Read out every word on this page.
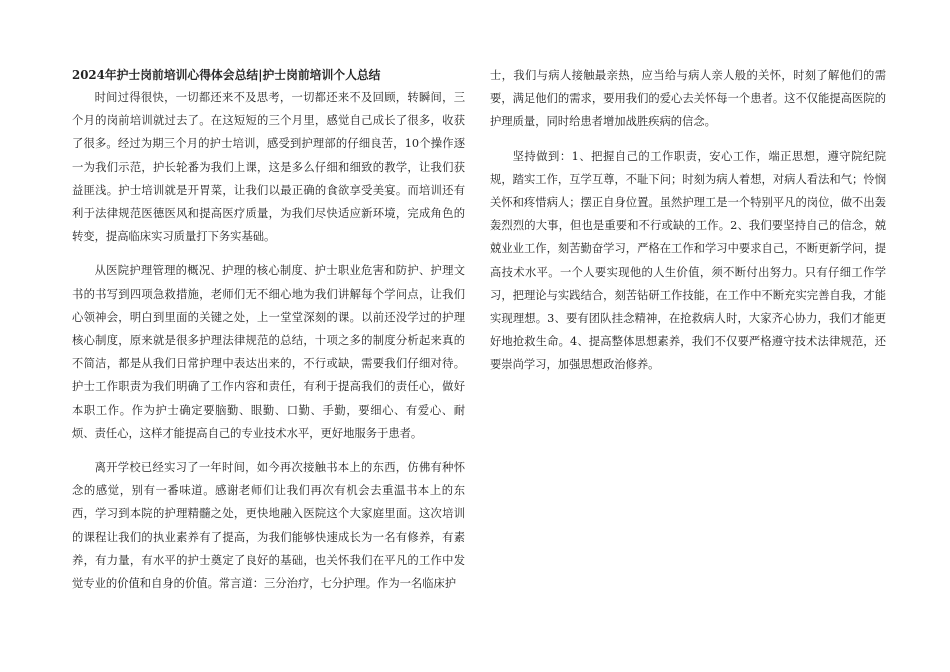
2024年护士岗前培训心得体会总结|护士岗前培训个人总结

时间过得很快，一切都还来不及思考，一切都还来不及回顾，转瞬间，三个月的岗前培训就过去了。在这短短的三个月里，感觉自己成长了很多，收获了很多。经过为期三个月的护士培训，感受到护理部的仔细良苦，10个操作逐一为我们示范，护长轮番为我们上课，这是多么仔细和细致的教学，让我们获益匪浅。护士培训就是开胃菜，让我们以最正确的食欲享受美宴。而培训还有利于法律规范医德医风和提高医疗质量，为我们尽快适应新环境，完成角色的转变，提高临床实习质量打下务实基础。

从医院护理管理的概况、护理的核心制度、护士职业危害和防护、护理文书的书写到四项急救措施，老师们无不细心地为我们讲解每个学问点，让我们心领神会，明白到里面的关键之处，上一堂堂深刻的课。以前还没学过的护理核心制度，原来就是很多护理法律规范的总结，十项之多的制度分析起来真的不简洁，都是从我们日常护理中表达出来的，不行或缺，需要我们仔细对待。护士工作职责为我们明确了工作内容和责任，有利于提高我们的责任心，做好本职工作。作为护士确定要脑勤、眼勤、口勤、手勤，要细心、有爱心、耐烦、责任心，这样才能提高自己的专业技术水平，更好地服务于患者。

离开学校已经实习了一年时间，如今再次接触书本上的东西，仿佛有种怀念的感觉，别有一番味道。感谢老师们让我们再次有机会去重温书本上的东西，学习到本院的护理精髓之处，更快地融入医院这个大家庭里面。这次培训的课程让我们的执业素养有了提高，为我们能够快速成长为一名有修养，有素养，有力量，有水平的护士奠定了良好的基础，也关怀我们在平凡的工作中发觉专业的价值和自身的价值。常言道：三分治疗，七分护理。作为一名临床护

士，我们与病人接触最亲热，应当给与病人亲人般的关怀，时刻了解他们的需要，满足他们的需求，要用我们的爱心去关怀每一个患者。这不仅能提高医院的护理质量，同时给患者增加战胜疾病的信念。

坚持做到：1、把握自己的工作职责，安心工作，端正思想，遵守院纪院规，踏实工作，互学互尊，不耻下问；时刻为病人着想，对病人看法和气；怜悯关怀和疼惜病人；摆正自身位置。虽然护理工是一个特别平凡的岗位，做不出轰轰烈烈的大事，但也是重要和不行或缺的工作。2、我们要坚持自己的信念，兢兢业业工作，刻苦勤奋学习，严格在工作和学习中要求自己，不断更新学问，提高技术水平。一个人要实现他的人生价值，须不断付出努力。只有仔细工作学习，把理论与实践结合，刻苦钻研工作技能，在工作中不断充实完善自我，才能实现理想。3、要有团队挂念精神，在抢救病人时，大家齐心协力，我们才能更好地抢救生命。4、提高整体思想素养，我们不仅要严格遵守技术法律规范，还要崇尚学习，加强思想政治修养。
